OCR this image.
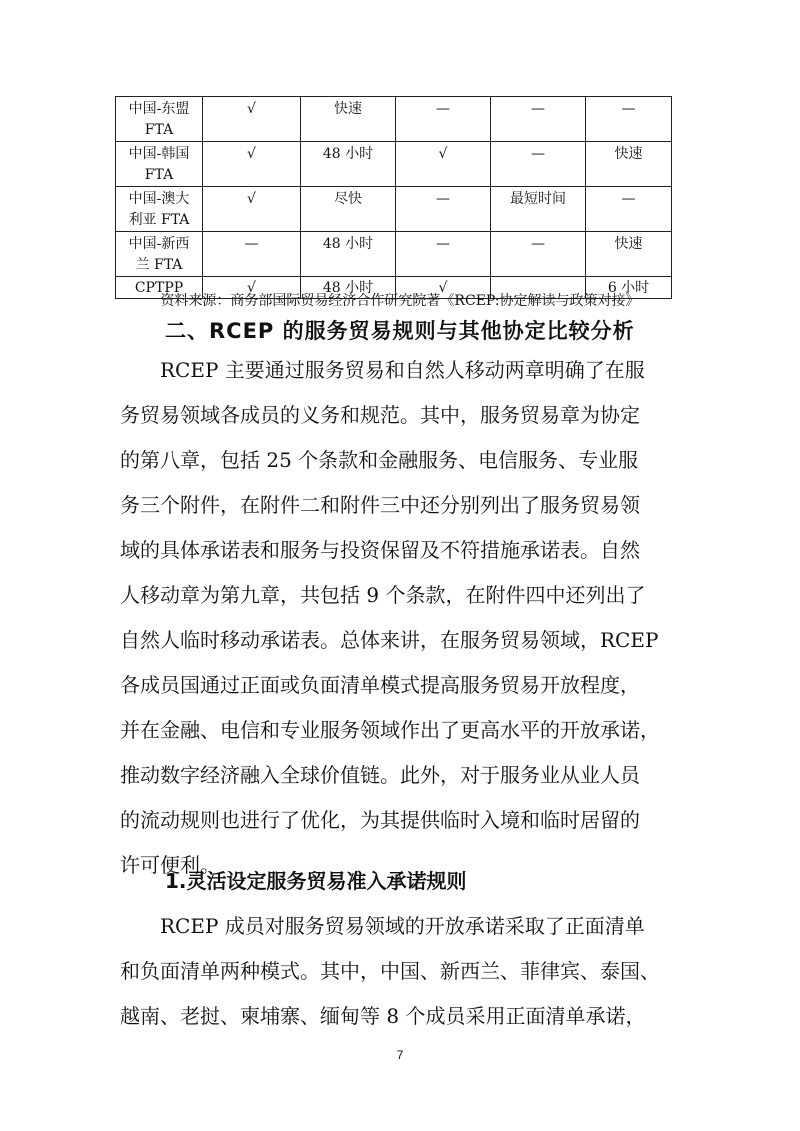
中国-东盟
FTA	√	快速	—	—	—
中国-韩国
FTA	√	48 小时	√	—	快速
中国-澳大
利亚 FTA	√	尽快	—	最短时间	—
中国-新西
兰 FTA	—	48 小时	—	—	快速
CPTPP	√	48 小时	√		6 小时
资料来源：商务部国际贸易经济合作研究院著《RCEP:协定解读与政策对接》
二、RCEP 的服务贸易规则与其他协定比较分析
　　RCEP 主要通过服务贸易和自然人移动两章明确了在服
务贸易领域各成员的义务和规范。其中，服务贸易章为协定
的第八章，包括 25 个条款和金融服务、电信服务、专业服
务三个附件，在附件二和附件三中还分别列出了服务贸易领
域的具体承诺表和服务与投资保留及不符措施承诺表。自然
人移动章为第九章，共包括 9 个条款，在附件四中还列出了
自然人临时移动承诺表。总体来讲，在服务贸易领域，RCEP
各成员国通过正面或负面清单模式提高服务贸易开放程度，
并在金融、电信和专业服务领域作出了更高水平的开放承诺，
推动数字经济融入全球价值链。此外，对于服务业从业人员
的流动规则也进行了优化，为其提供临时入境和临时居留的
许可便利。
1.灵活设定服务贸易准入承诺规则
　　RCEP 成员对服务贸易领域的开放承诺采取了正面清单
和负面清单两种模式。其中，中国、新西兰、菲律宾、泰国、
越南、老挝、柬埔寨、缅甸等 8 个成员采用正面清单承诺，
7
